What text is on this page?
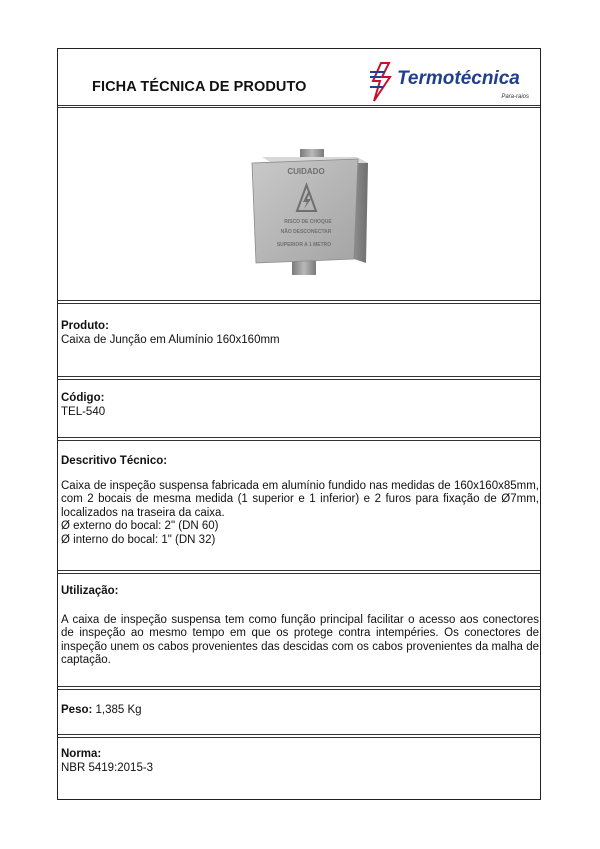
FICHA TÉCNICA DE PRODUTO	Termotécnica
Para-raios
CUIDADO
RISCO DE CHOQUE
NÃO DESCONECTAR
SUPERIOR A 1 METRO
Produto:
Caixa de Junção em Alumínio 160x160mm
Código:
TEL-540
Descritivo Técnico:

Caixa de inspeção suspensa fabricada em alumínio fundido nas medidas de 160x160x85mm, com 2 bocais de mesma medida (1 superior e 1 inferior) e 2 furos para fixação de Ø7mm, localizados na traseira da caixa.

Ø externo do bocal: 2" (DN 60)

Ø interno do bocal: 1" (DN 32)

Utilização:

A caixa de inspeção suspensa tem como função principal facilitar o acesso aos conectores de inspeção ao mesmo tempo em que os protege contra intempéries. Os conectores de inspeção unem os cabos provenientes das descidas com os cabos provenientes da malha de captação.

Peso: 1,385 Kg
Norma:
NBR 5419:2015-3
